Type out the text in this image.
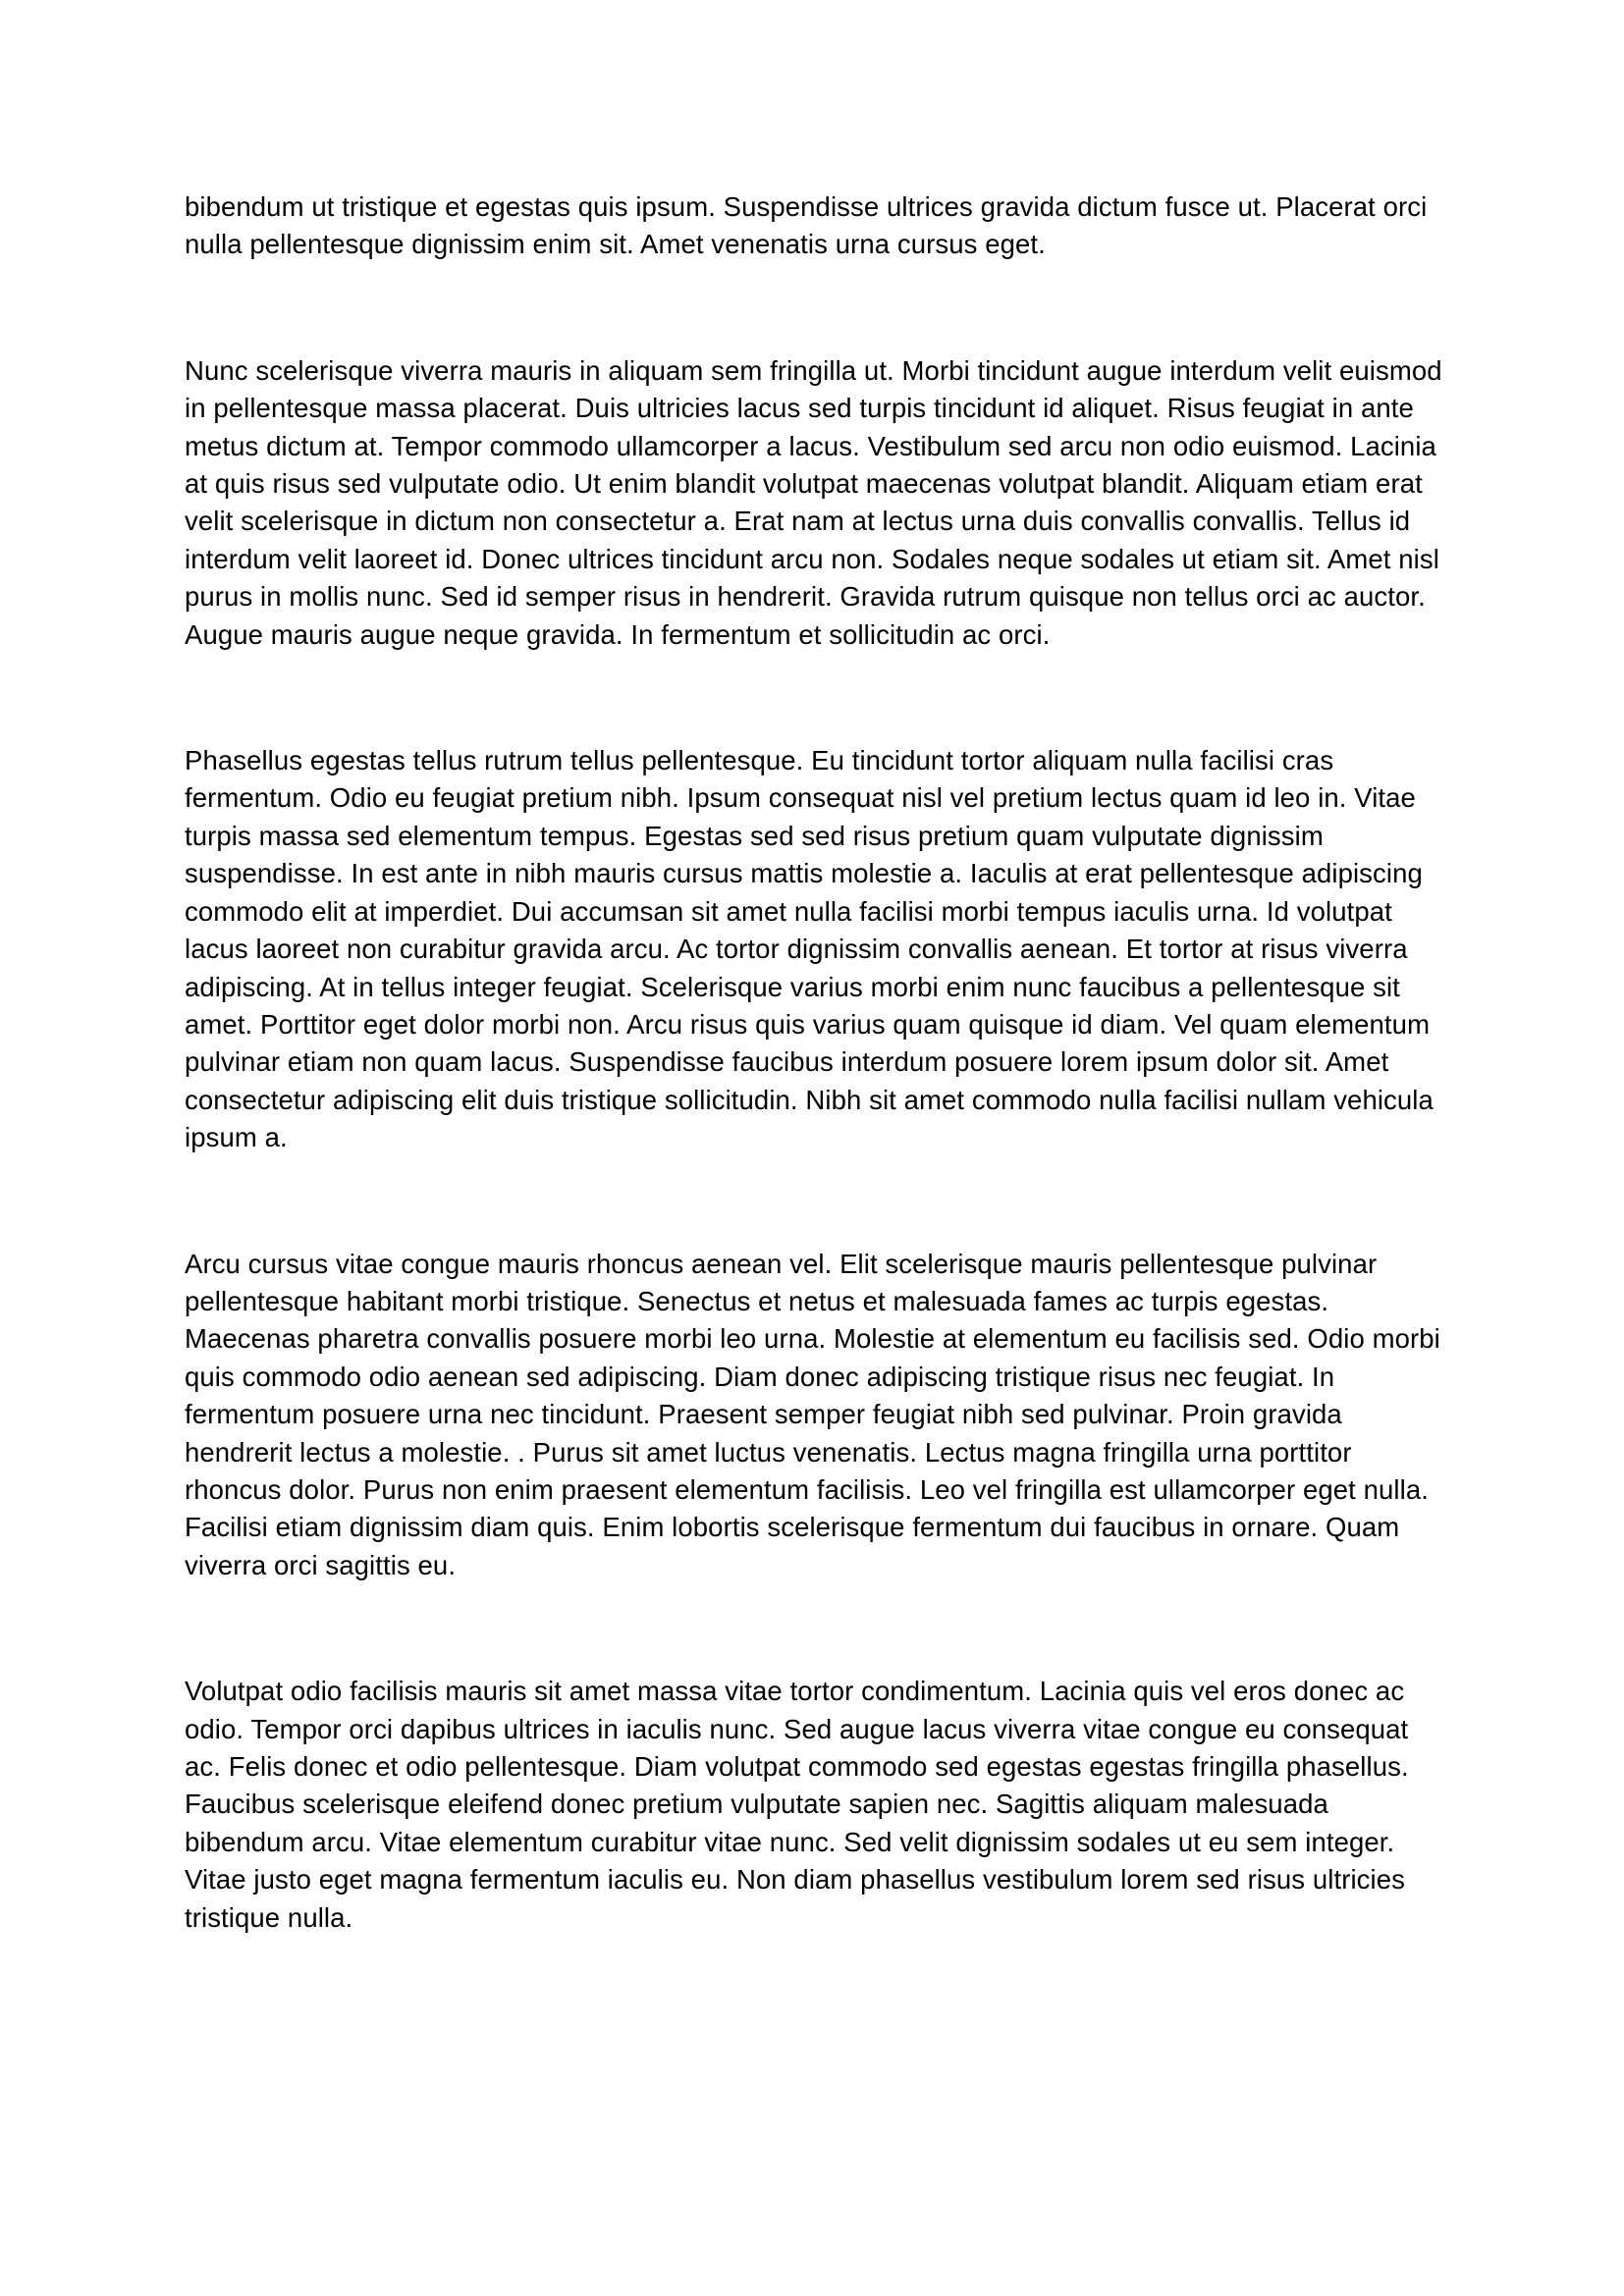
bibendum ut tristique et egestas quis ipsum. Suspendisse ultrices gravida dictum fusce ut. Placerat orci nulla pellentesque dignissim enim sit. Amet venenatis urna cursus eget.

Nunc scelerisque viverra mauris in aliquam sem fringilla ut. Morbi tincidunt augue interdum velit euismod in pellentesque massa placerat. Duis ultricies lacus sed turpis tincidunt id aliquet. Risus feugiat in ante metus dictum at. Tempor commodo ullamcorper a lacus. Vestibulum sed arcu non odio euismod. Lacinia at quis risus sed vulputate odio. Ut enim blandit volutpat maecenas volutpat blandit. Aliquam etiam erat velit scelerisque in dictum non consectetur a. Erat nam at lectus urna duis convallis convallis. Tellus id interdum velit laoreet id. Donec ultrices tincidunt arcu non. Sodales neque sodales ut etiam sit. Amet nisl purus in mollis nunc. Sed id semper risus in hendrerit. Gravida rutrum quisque non tellus orci ac auctor. Augue mauris augue neque gravida. In fermentum et sollicitudin ac orci.

Phasellus egestas tellus rutrum tellus pellentesque. Eu tincidunt tortor aliquam nulla facilisi cras fermentum. Odio eu feugiat pretium nibh. Ipsum consequat nisl vel pretium lectus quam id leo in. Vitae turpis massa sed elementum tempus. Egestas sed sed risus pretium quam vulputate dignissim suspendisse. In est ante in nibh mauris cursus mattis molestie a. Iaculis at erat pellentesque adipiscing commodo elit at imperdiet. Dui accumsan sit amet nulla facilisi morbi tempus iaculis urna. Id volutpat lacus laoreet non curabitur gravida arcu. Ac tortor dignissim convallis aenean. Et tortor at risus viverra adipiscing. At in tellus integer feugiat. Scelerisque varius morbi enim nunc faucibus a pellentesque sit amet. Porttitor eget dolor morbi non. Arcu risus quis varius quam quisque id diam. Vel quam elementum pulvinar etiam non quam lacus. Suspendisse faucibus interdum posuere lorem ipsum dolor sit. Amet consectetur adipiscing elit duis tristique sollicitudin. Nibh sit amet commodo nulla facilisi nullam vehicula ipsum a.

Arcu cursus vitae congue mauris rhoncus aenean vel. Elit scelerisque mauris pellentesque pulvinar pellentesque habitant morbi tristique. Senectus et netus et malesuada fames ac turpis egestas. Maecenas pharetra convallis posuere morbi leo urna. Molestie at elementum eu facilisis sed. Odio morbi quis commodo odio aenean sed adipiscing. Diam donec adipiscing tristique risus nec feugiat. In fermentum posuere urna nec tincidunt. Praesent semper feugiat nibh sed pulvinar. Proin gravida hendrerit lectus a molestie. . Purus sit amet luctus venenatis. Lectus magna fringilla urna porttitor rhoncus dolor. Purus non enim praesent elementum facilisis. Leo vel fringilla est ullamcorper eget nulla. Facilisi etiam dignissim diam quis. Enim lobortis scelerisque fermentum dui faucibus in ornare. Quam viverra orci sagittis eu.

Volutpat odio facilisis mauris sit amet massa vitae tortor condimentum. Lacinia quis vel eros donec ac odio. Tempor orci dapibus ultrices in iaculis nunc. Sed augue lacus viverra vitae congue eu consequat ac. Felis donec et odio pellentesque. Diam volutpat commodo sed egestas egestas fringilla phasellus. Faucibus scelerisque eleifend donec pretium vulputate sapien nec. Sagittis aliquam malesuada bibendum arcu. Vitae elementum curabitur vitae nunc. Sed velit dignissim sodales ut eu sem integer. Vitae justo eget magna fermentum iaculis eu. Non diam phasellus vestibulum lorem sed risus ultricies tristique nulla.
